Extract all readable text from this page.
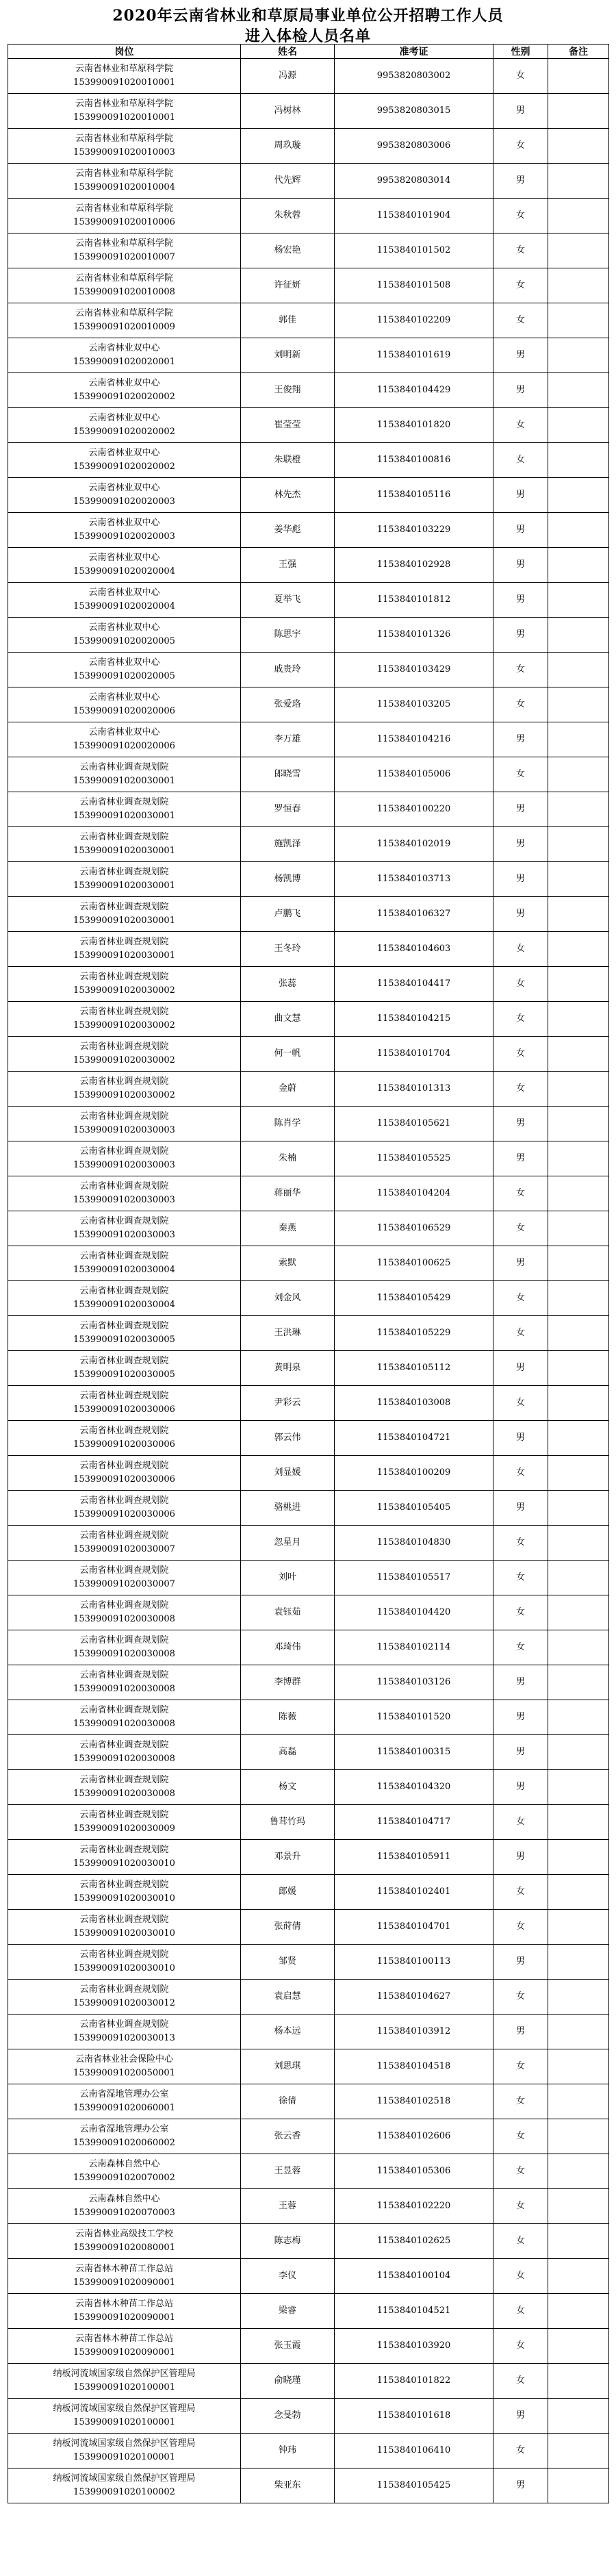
2020年云南省林业和草原局事业单位公开招聘工作人员
进入体检人员名单
岗位	姓名	准考证	性别	备注

云南省林业和草原科学院
153990091020010001	冯源	9953820803002	女	

云南省林业和草原科学院
153990091020010001	冯树林	9953820803015	男	

云南省林业和草原科学院
153990091020010003	周玖璇	9953820803006	女	

云南省林业和草原科学院
153990091020010004	代先辉	9953820803014	男	

云南省林业和草原科学院
153990091020010006	朱秋蓉	1153840101904	女	

云南省林业和草原科学院
153990091020010007	杨宏艳	1153840101502	女	

云南省林业和草原科学院
153990091020010008	许征妍	1153840101508	女	

云南省林业和草原科学院
153990091020010009	郭佳	1153840102209	女	

云南省林业双中心
153990091020020001	刘明新	1153840101619	男	

云南省林业双中心
153990091020020002	王俊翔	1153840104429	男	

云南省林业双中心
153990091020020002	崔莹莹	1153840101820	女	

云南省林业双中心
153990091020020002	朱联橙	1153840100816	女	

云南省林业双中心
153990091020020003	林先杰	1153840105116	男	

云南省林业双中心
153990091020020003	姜华彪	1153840103229	男	

云南省林业双中心
153990091020020004	王强	1153840102928	男	

云南省林业双中心
153990091020020004	夏举飞	1153840101812	男	

云南省林业双中心
153990091020020005	陈思宇	1153840101326	男	

云南省林业双中心
153990091020020005	戚贵玲	1153840103429	女	

云南省林业双中心
153990091020020006	张爱珞	1153840103205	女	

云南省林业双中心
153990091020020006	李万雄	1153840104216	男	

云南省林业调查规划院
153990091020030001	郎晓雪	1153840105006	女	

云南省林业调查规划院
153990091020030001	罗恒春	1153840100220	男	

云南省林业调查规划院
153990091020030001	施凯泽	1153840102019	男	

云南省林业调查规划院
153990091020030001	杨凯博	1153840103713	男	

云南省林业调查规划院
153990091020030001	卢鹏飞	1153840106327	男	

云南省林业调查规划院
153990091020030001	王冬玲	1153840104603	女	

云南省林业调查规划院
153990091020030002	张蕊	1153840104417	女	

云南省林业调查规划院
153990091020030002	曲文慧	1153840104215	女	

云南省林业调查规划院
153990091020030002	何一帆	1153840101704	女	

云南省林业调查规划院
153990091020030002	金蔚	1153840101313	女	

云南省林业调查规划院
153990091020030003	陈肖学	1153840105621	男	

云南省林业调查规划院
153990091020030003	朱楠	1153840105525	男	

云南省林业调查规划院
153990091020030003	蒋丽华	1153840104204	女	

云南省林业调查规划院
153990091020030003	秦燕	1153840106529	女	

云南省林业调查规划院
153990091020030004	索默	1153840100625	男	

云南省林业调查规划院
153990091020030004	刘金风	1153840105429	女	

云南省林业调查规划院
153990091020030005	王洪琳	1153840105229	女	

云南省林业调查规划院
153990091020030005	黄明泉	1153840105112	男	

云南省林业调查规划院
153990091020030006	尹彩云	1153840103008	女	

云南省林业调查规划院
153990091020030006	郭云伟	1153840104721	男	

云南省林业调查规划院
153990091020030006	刘显媛	1153840100209	女	

云南省林业调查规划院
153990091020030006	骆桃进	1153840105405	男	

云南省林业调查规划院
153990091020030007	忽星月	1153840104830	女	

云南省林业调查规划院
153990091020030007	刘叶	1153840105517	女	

云南省林业调查规划院
153990091020030008	袁钰茹	1153840104420	女	

云南省林业调查规划院
153990091020030008	邓琦伟	1153840102114	女	

云南省林业调查规划院
153990091020030008	李博群	1153840103126	男	

云南省林业调查规划院
153990091020030008	陈薇	1153840101520	男	

云南省林业调查规划院
153990091020030008	高磊	1153840100315	男	

云南省林业调查规划院
153990091020030008	杨文	1153840104320	男	

云南省林业调查规划院
153990091020030009	鲁茸竹玛	1153840104717	女	

云南省林业调查规划院
153990091020030010	邓景升	1153840105911	男	

云南省林业调查规划院
153990091020030010	郎媛	1153840102401	女	

云南省林业调查规划院
153990091020030010	张莳倩	1153840104701	女	

云南省林业调查规划院
153990091020030010	邹贤	1153840100113	男	

云南省林业调查规划院
153990091020030012	袁启慧	1153840104627	女	

云南省林业调查规划院
153990091020030013	杨本远	1153840103912	男	

云南省林业社会保险中心
153990091020050001	刘思琪	1153840104518	女	

云南省湿地管理办公室
153990091020060001	徐倩	1153840102518	女	

云南省湿地管理办公室
153990091020060002	张云香	1153840102606	女	

云南森林自然中心
153990091020070002	王昱蓉	1153840105306	女	

云南森林自然中心
153990091020070003	王蓉	1153840102220	女	

云南省林业高级技工学校
153990091020080001	陈志梅	1153840102625	女	

云南省林木种苗工作总站
153990091020090001	李仪	1153840100104	女	

云南省林木种苗工作总站
153990091020090001	梁睿	1153840104521	女	

云南省林木种苗工作总站
153990091020090001	张玉霞	1153840103920	女	

纳板河流域国家级自然保护区管理局
153990091020100001	俞晓瑾	1153840101822	女	

纳板河流域国家级自然保护区管理局
153990091020100001	念旻勃	1153840101618	男	

纳板河流域国家级自然保护区管理局
153990091020100001	钟玮	1153840106410	女	

纳板河流域国家级自然保护区管理局
153990091020100002	柴亚东	1153840105425	男	
